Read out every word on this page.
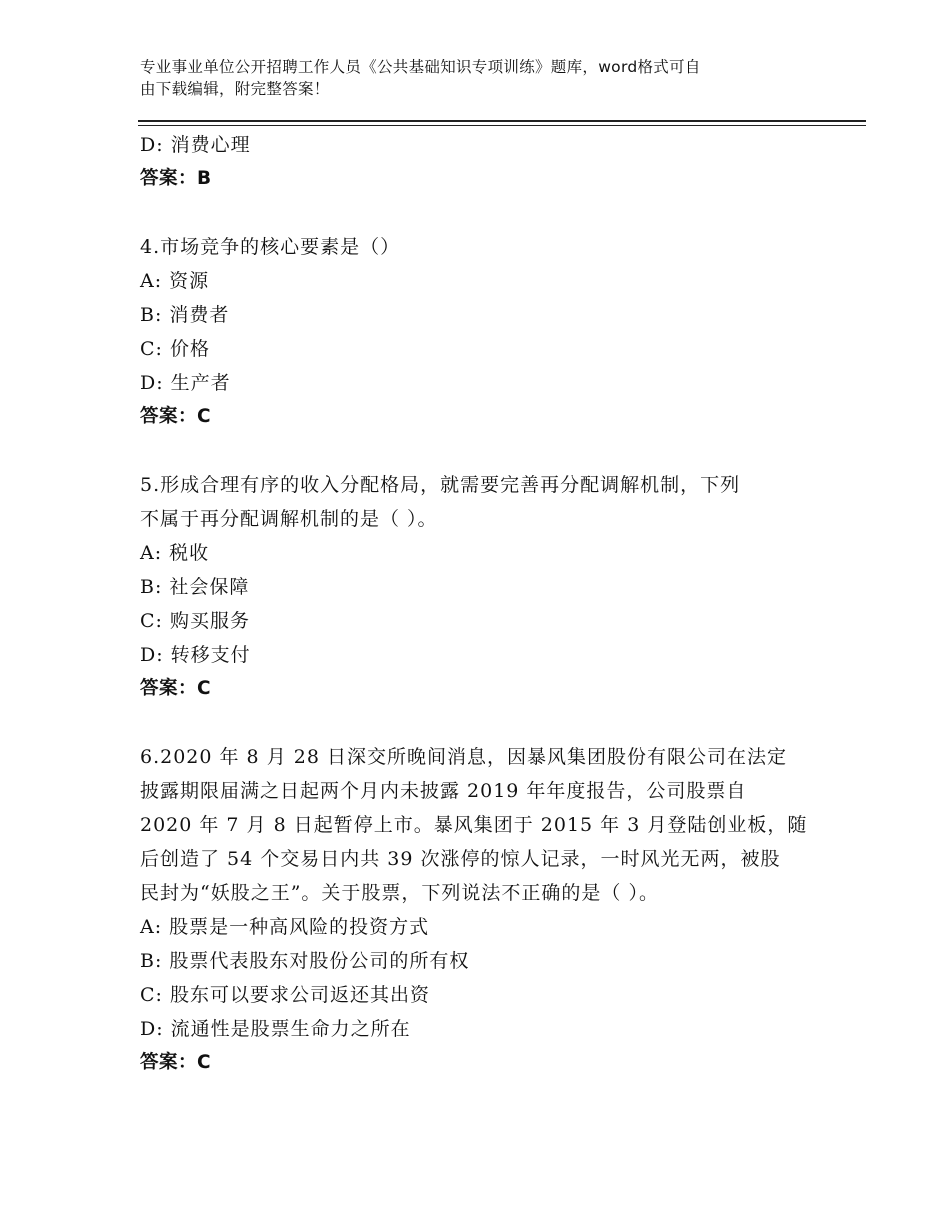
专业事业单位公开招聘工作人员《公共基础知识专项训练》题库，word格式可自
由下载编辑，附完整答案！
D: 消费心理
答案：B
4.市场竞争的核心要素是（）
A: 资源
B: 消费者
C: 价格
D: 生产者
答案：C
5.形成合理有序的收入分配格局，就需要完善再分配调解机制，下列
不属于再分配调解机制的是（ ）。
A: 税收
B: 社会保障
C: 购买服务
D: 转移支付
答案：C
6.2020 年 8 月 28 日深交所晚间消息，因暴风集团股份有限公司在法定
披露期限届满之日起两个月内未披露 2019 年年度报告，公司股票自
2020 年 7 月 8 日起暂停上市。暴风集团于 2015 年 3 月登陆创业板，随
后创造了 54 个交易日内共 39 次涨停的惊人记录，一时风光无两，被股
民封为“妖股之王”。关于股票，下列说法不正确的是（ ）。
A: 股票是一种高风险的投资方式
B: 股票代表股东对股份公司的所有权
C: 股东可以要求公司返还其出资
D: 流通性是股票生命力之所在
答案：C
